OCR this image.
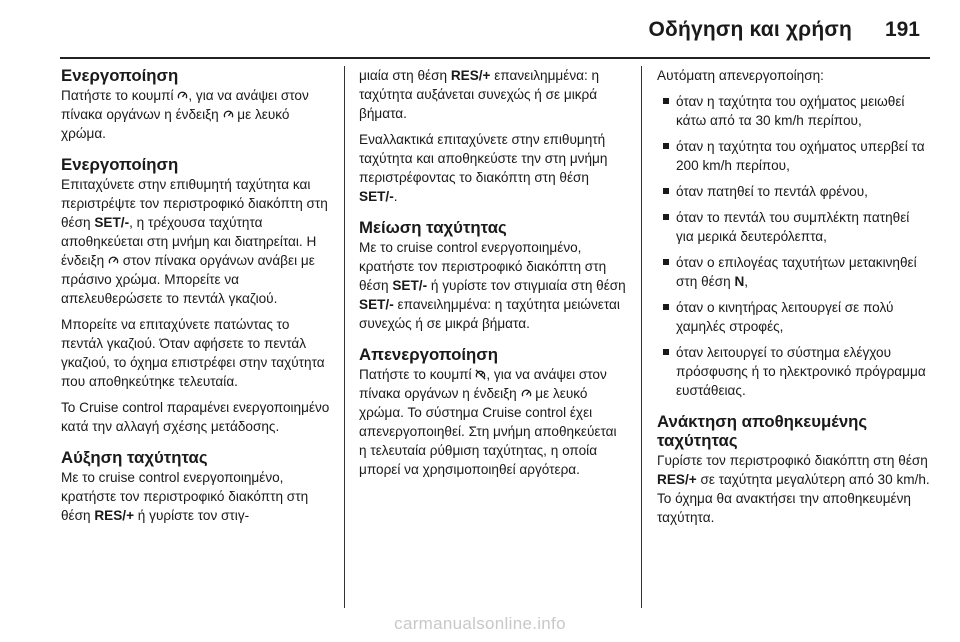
Οδήγηση και χρήση 191
Ενεργοποίηση

Πατήστε το κουμπί , για να ανάψει στον πίνακα οργάνων η ένδειξη  με λευκό χρώμα.

Ενεργοποίηση

Επιταχύνετε στην επιθυμητή ταχύτητα και περιστρέψτε τον περιστροφικό διακόπτη στη θέση SET/-, η τρέχουσα ταχύτητα αποθηκεύεται στη μνήμη και διατηρείται. Η ένδειξη  στον πίνακα οργάνων ανάβει με πράσινο χρώμα. Μπορείτε να απελευθερώσετε το πεντάλ γκαζιού.

Μπορείτε να επιταχύνετε πατώντας το πεντάλ γκαζιού. Όταν αφήσετε το πεντάλ γκαζιού, το όχημα επιστρέφει στην ταχύτητα που αποθηκεύτηκε τελευταία.

Το Cruise control παραμένει ενεργοποιημένο κατά την αλλαγή σχέσης μετάδοσης.

Αύξηση ταχύτητας

Με το cruise control ενεργοποιημένο, κρατήστε τον περιστροφικό διακόπτη στη θέση RES/+ ή γυρίστε τον στιγ-

μιαία στη θέση RES/+ επανειλημμένα: η ταχύτητα αυξάνεται συνεχώς ή σε μικρά βήματα.

Εναλλακτικά επιταχύνετε στην επιθυμητή ταχύτητα και αποθηκεύστε την στη μνήμη περιστρέφοντας το διακόπτη στη θέση SET/-.

Μείωση ταχύτητας

Με το cruise control ενεργοποιημένο, κρατήστε τον περιστροφικό διακόπτη στη θέση SET/- ή γυρίστε τον στιγμιαία στη θέση SET/- επανειλημμένα: η ταχύτητα μειώνεται συνεχώς ή σε μικρά βήματα.

Απενεργοποίηση

Πατήστε το κουμπί , για να ανάψει στον πίνακα οργάνων η ένδειξη  με λευκό χρώμα. Το σύστημα Cruise control έχει απενεργοποιηθεί. Στη μνήμη αποθηκεύεται η τελευταία ρύθμιση ταχύτητας, η οποία μπορεί να χρησιμοποιηθεί αργότερα.

Αυτόματη απενεργοποίηση:

όταν η ταχύτητα του οχήματος μειωθεί κάτω από τα 30 km/h περίπου,
όταν η ταχύτητα του οχήματος υπερβεί τα 200 km/h περίπου,
όταν πατηθεί το πεντάλ φρένου,
όταν το πεντάλ του συμπλέκτη πατηθεί για μερικά δευτερόλεπτα,
όταν ο επιλογέας ταχυτήτων μετακινηθεί στη θέση N,
όταν ο κινητήρας λειτουργεί σε πολύ χαμηλές στροφές,
όταν λειτουργεί το σύστημα ελέγχου πρόσφυσης ή το ηλεκτρονικό πρόγραμμα ευστάθειας.
Ανάκτηση αποθηκευμένης ταχύτητας

Γυρίστε τον περιστροφικό διακόπτη στη θέση RES/+ σε ταχύτητα μεγαλύτερη από 30 km/h. Το όχημα θα ανακτήσει την αποθηκευμένη ταχύτητα.

carmanualsonline.info
